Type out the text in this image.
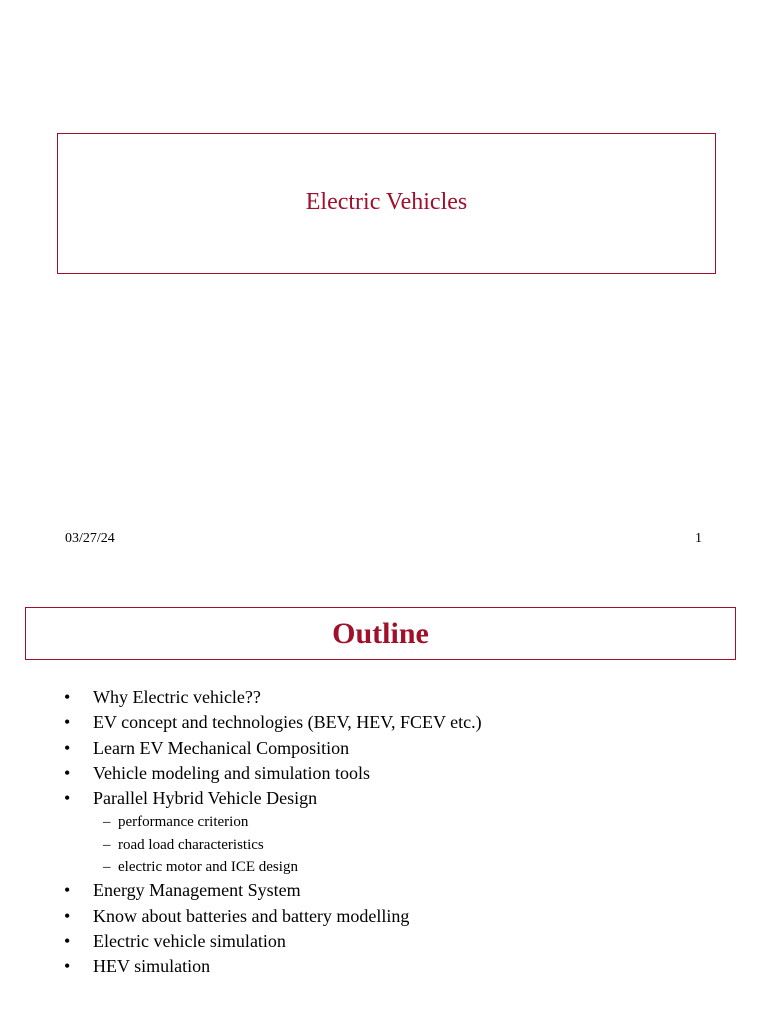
Electric Vehicles
03/27/24	1
Outline
• Why Electric vehicle??
• EV concept and technologies (BEV, HEV, FCEV etc.)
• Learn EV Mechanical Composition
• Vehicle modeling and simulation tools
• Parallel Hybrid Vehicle Design
– performance criterion
– road load characteristics
– electric motor and ICE design
• Energy Management System
• Know about batteries and battery modelling
• Electric vehicle simulation
• HEV simulation
